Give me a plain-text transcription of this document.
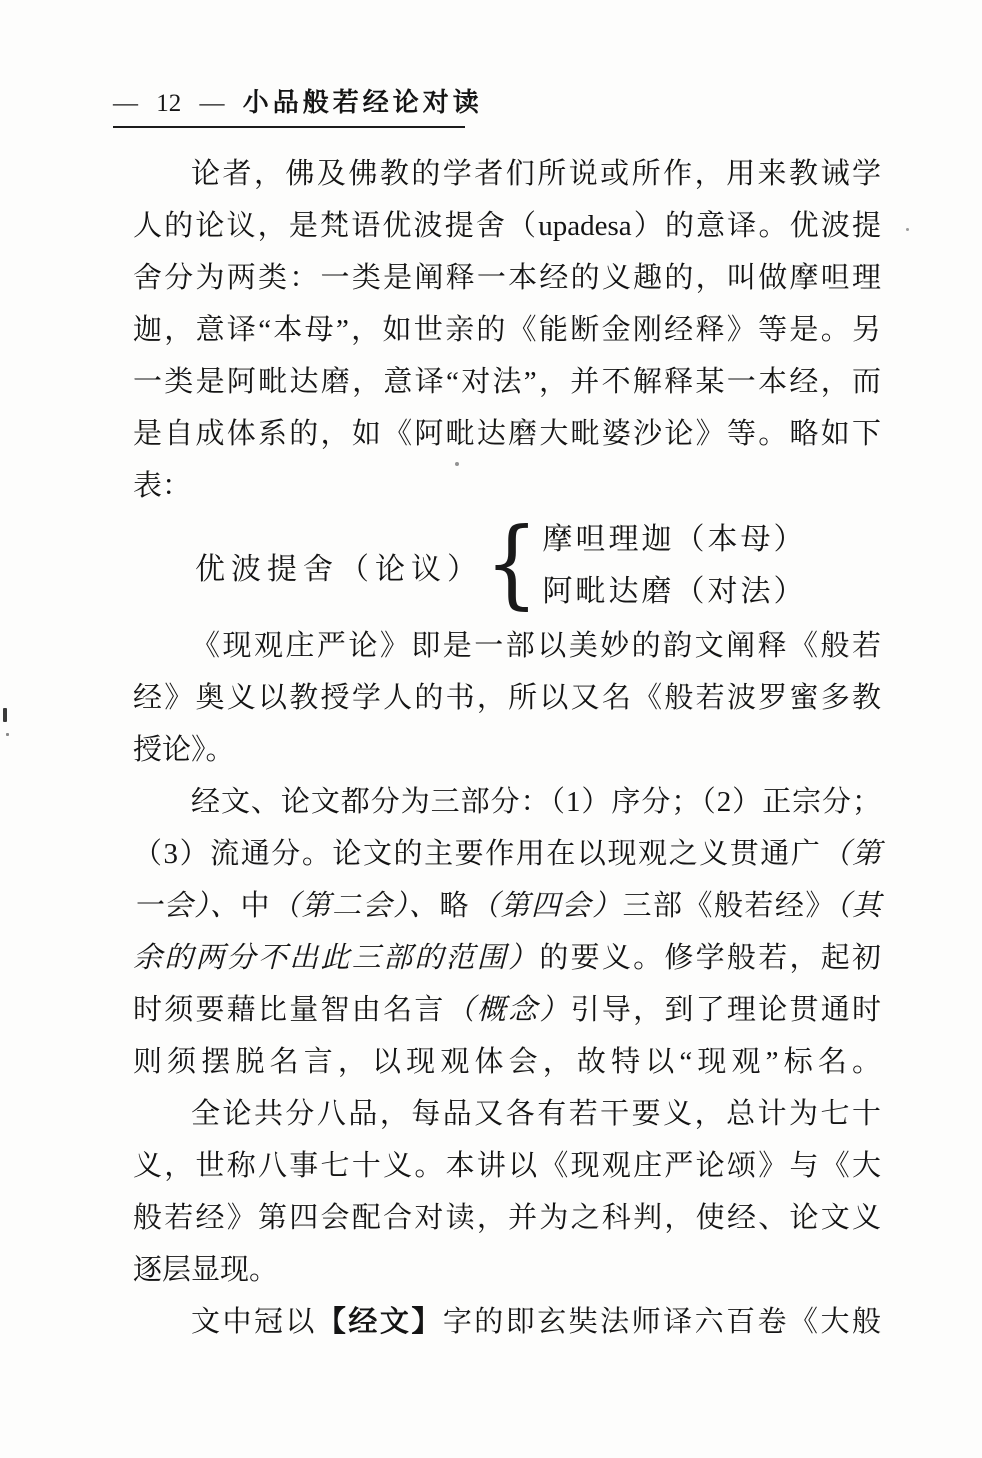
— 12 — 小品般若经论对读
论者，佛及佛教的学者们所说或所作，用来教诫学
人的论议，是梵语优波提舍（upadesa）的意译。优波提
舍分为两类：一类是阐释一本经的义趣的，叫做摩呾理
迦，意译“本母”，如世亲的《能断金刚经释》等是。另
一类是阿毗达磨，意译“对法”，并不解释某一本经，而
是自成体系的，如《阿毗达磨大毗婆沙论》等。略如下
表：
优波提舍（论议） { 摩呾理迦（本母）
阿毗达磨（对法）
《现观庄严论》即是一部以美妙的韵文阐释《般若
经》奥义以教授学人的书，所以又名《般若波罗蜜多教
授论》。
经文、论文都分为三部分：（1）序分；（2）正宗分；
（3）流通分。论文的主要作用在以现观之义贯通广（第
一会）、中（第二会）、略（第四会）三部《般若经》（其
余的两分不出此三部的范围）的要义。修学般若，起初
时须要藉比量智由名言（概念）引导，到了理论贯通时
则须摆脱名言，以现观体会，故特以“现观”标名。
全论共分八品，每品又各有若干要义，总计为七十
义，世称八事七十义。本讲以《现观庄严论颂》与《大
般若经》第四会配合对读，并为之科判，使经、论文义
逐层显现。
文中冠以【经文】字的即玄奘法师译六百卷《大般
